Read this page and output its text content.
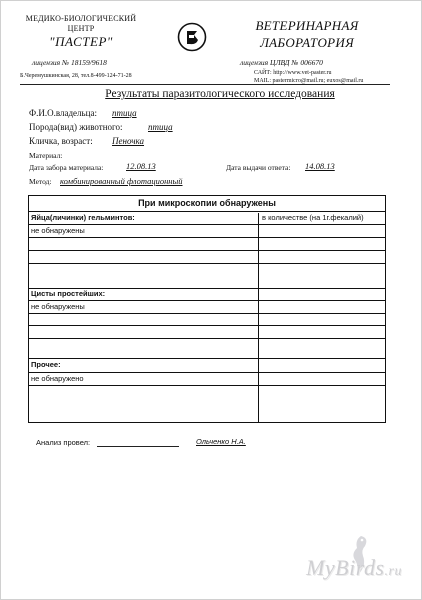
МЕДИКО-БИОЛОГИЧЕСКИЙ
ЦЕНТР
"ПАСТЕР"
ВЕТЕРИНАРНАЯ
ЛАБОРАТОРИЯ
лицензия № 18159/9618	лицензия ЦЛВД № 006670
Б.Черемушкинская, 28, тел.8-499-124-71-28	САЙТ: http://www.vet-paster.ru
MAIL: pastermicro@mail.ru; euxos@mail.ru
Результаты паразитологического исследования
Ф.И.О.владельца: птица
Порода(вид) животного:	птица
Кличка, возраст: Пеночка
Материал:
Дата забора материала:	12.08.13	Дата выдачи ответа: 14.08.13
Метод: комбинированный флотационный
При микроскопии обнаружены
Яйца(личинки) гельминтов:	в количестве (на 1г.фекалий)
не обнаружены
Цисты простейших:
не обнаружены
Прочее:
не обнаружено
Анализ провел:	Ольченко Н.А.
MyBirds.ru
